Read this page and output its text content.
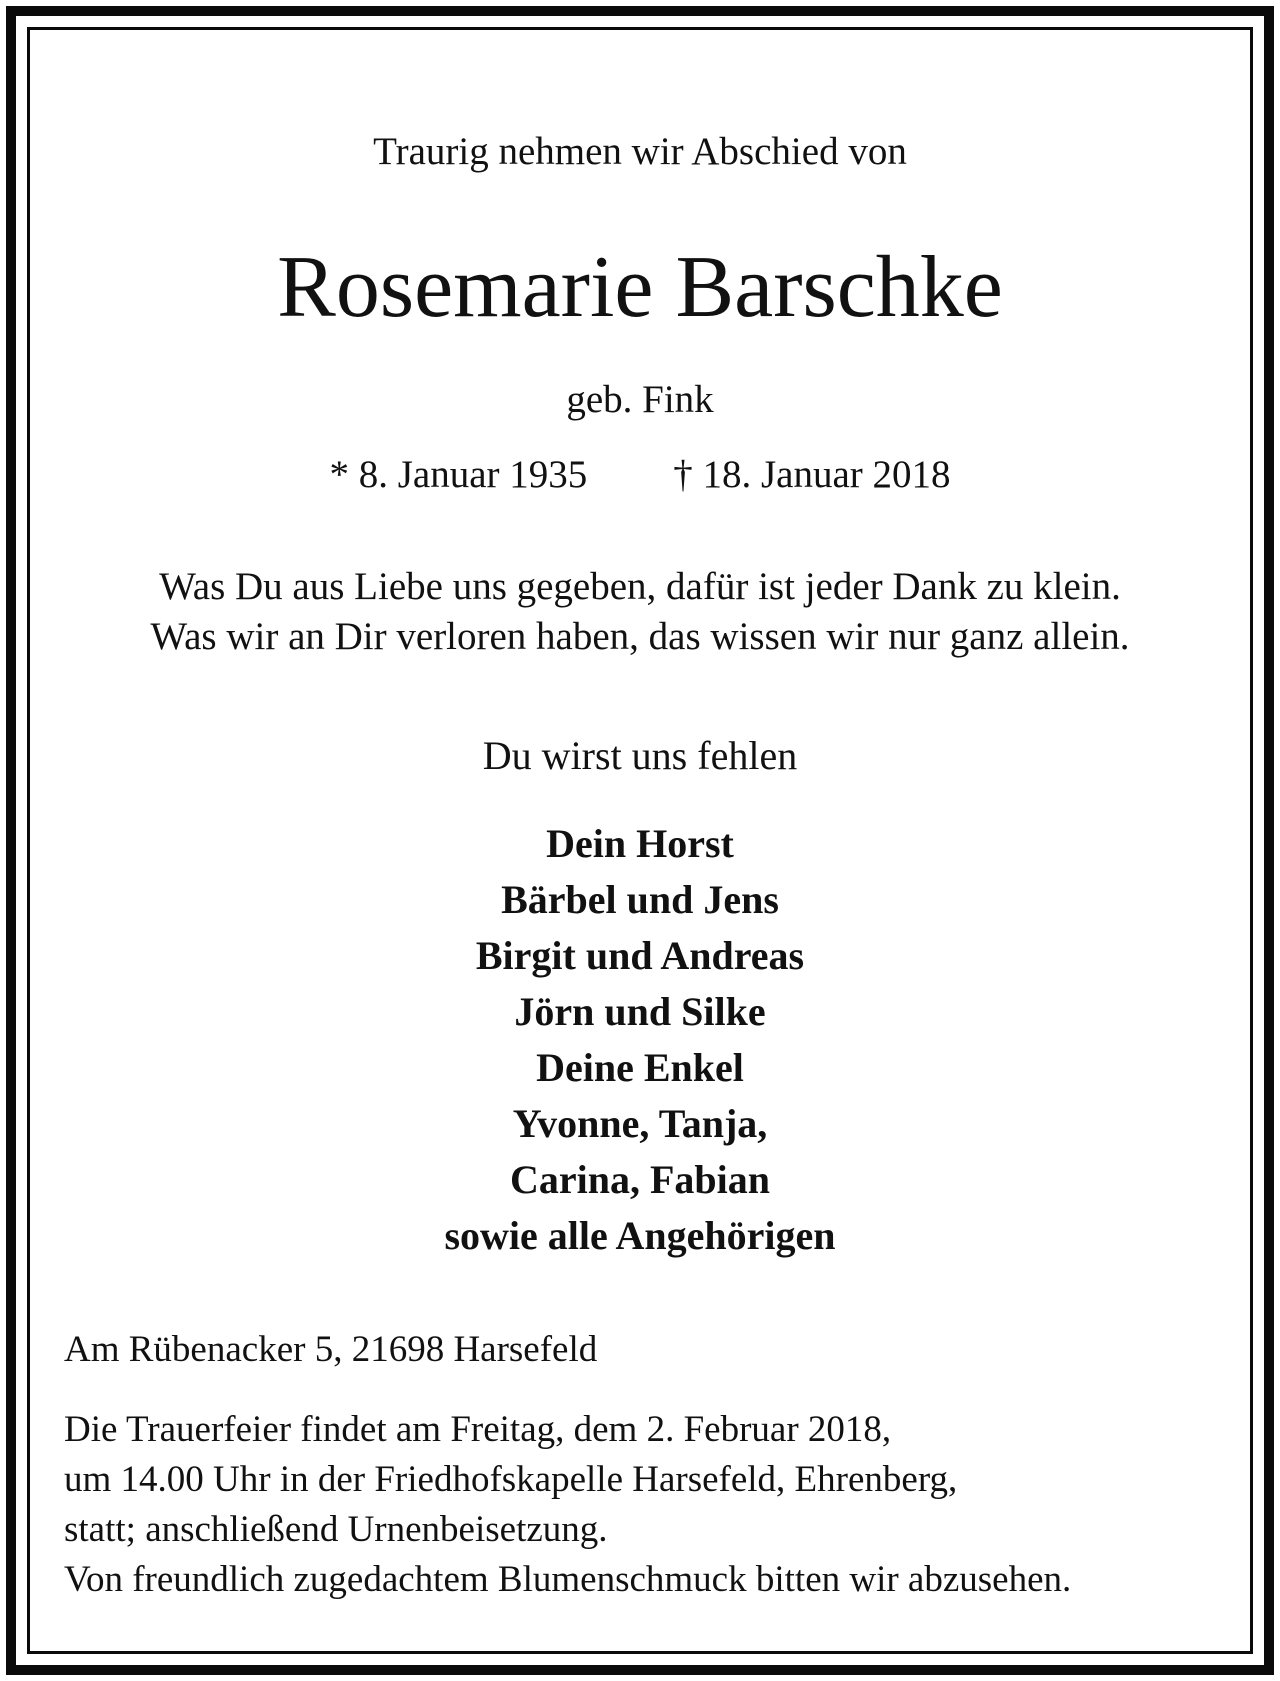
Traurig nehmen wir Abschied von
Rosemarie Barschke
geb. Fink
* 8. Januar 1935 † 18. Januar 2018
Was Du aus Liebe uns gegeben, dafür ist jeder Dank zu klein.
Was wir an Dir verloren haben, das wissen wir nur ganz allein.
Du wirst uns fehlen
Dein Horst
Bärbel und Jens
Birgit und Andreas
Jörn und Silke
Deine Enkel
Yvonne, Tanja,
Carina, Fabian
sowie alle Angehörigen
Am Rübenacker 5, 21698 Harsefeld
Die Trauerfeier findet am Freitag, dem 2. Februar 2018,
um 14.00 Uhr in der Friedhofskapelle Harsefeld, Ehrenberg,
statt; anschließend Urnenbeisetzung.
Von freundlich zugedachtem Blumenschmuck bitten wir abzusehen.
